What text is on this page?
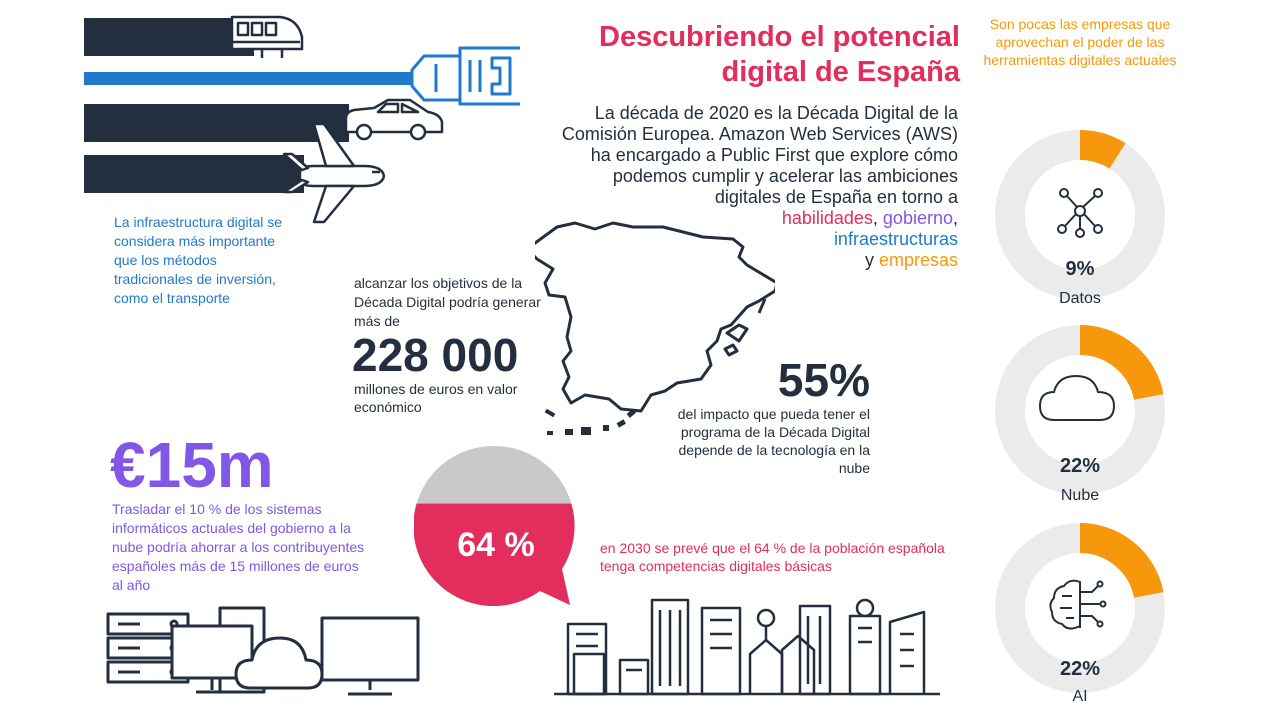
Descubriendo el potencial
digital de España
La década de 2020 es la Década Digital de la
Comisión Europea. Amazon Web Services (AWS)
ha encargado a Public First que explore cómo
podemos cumplir y acelerar las ambiciones
digitales de España en torno a
habilidades, gobierno,
infraestructuras
y empresas
La infraestructura digital se considera más importante que los métodos tradicionales de inversión, como el transporte
alcanzar los objetivos de la Década Digital podría generar más de
228 000
millones de euros en valor económico
55%
del impacto que pueda tener el programa de la Década Digital depende de la tecnología en la nube
€15m
Trasladar el 10 % de los sistemas informáticos actuales del gobierno a la nube podría ahorrar a los contribuyentes españoles más de 15 millones de euros al año
64 %	en 2030 se prevé que el 64 % de la población española tenga competencias digitales básicas
Son pocas las empresas que aprovechan el poder de las herramientas digitales actuales
9%
Datos
22%
Nube
22%
AI
